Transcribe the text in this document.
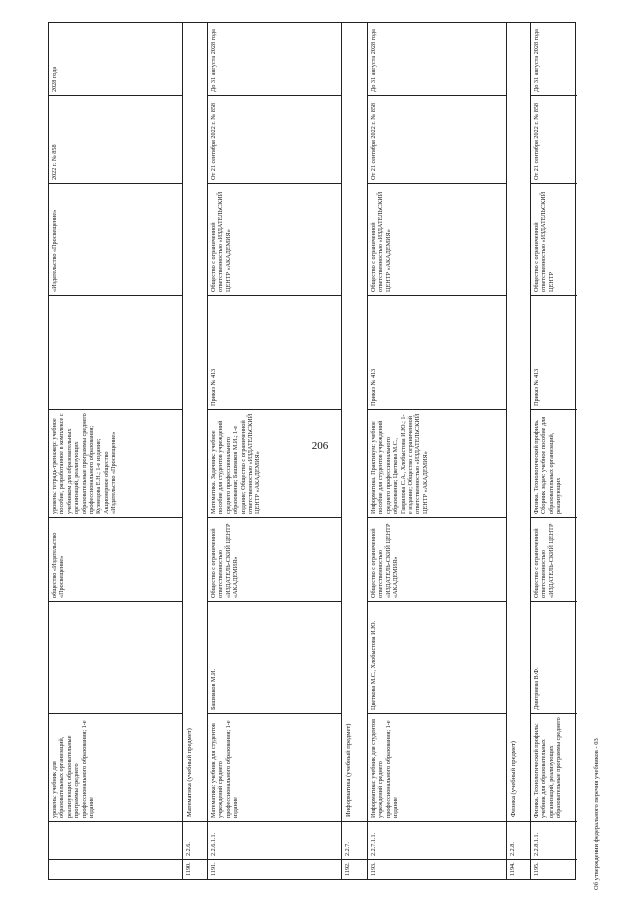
206
уровень: учебник для образовательных организаций, реализующих образовательные программы среднего профессионального образования; 1-е издание
общество «Издательство «Просвещение»
уровень: тетрадь-тренажер: учебное пособие, разработанное в комплексе с учебником для образовательных организаций, реализующих образовательные программы среднего профессионального образования; Кузнецова Е.Н.; 1-е издание; Акционерное общество «Издательство «Просвещение»
«Издательство «Просвещение»
2022 г. № 858
2028 года
1190.
2.2.6.
Математика (учебный предмет)
1191.
2.2.6.1.1.
Математика: учебник для студентов учреждений среднего профессионального образования; 1-е издание
Башмаков М.И.
Общество с ограниченной ответственностью «ИЗДАТЕЛЬ-СКИЙ ЦЕНТР «АКАДЕМИЯ»
Математика. Задачник: учебное пособие для студентов учреждений среднего профессионального образования; Башмаков М.И.; 1-е издание; Общество с ограниченной ответственностью «ИЗДАТЕЛЬСКИЙ ЦЕНТР «АКАДЕМИЯ»
Приказ № 413
Общество с ограниченной ответственностью «ИЗДАТЕЛЬСКИЙ ЦЕНТР «АКАДЕМИЯ»
От 21 сентября 2022 г. № 858
До 31 августа 2028 года
1192.
2.2.7.
Информатика (учебный предмет)
1193.
2.2.7.1.1.
Информатика: учебник для студентов учреждений среднего профессионального образования; 1-е издание
Цветкова М.С., Хлобыстова И.Ю.
Общество с ограниченной ответственностью «ИЗДАТЕЛЬ-СКИЙ ЦЕНТР «АКАДЕМИЯ»
Информатика. Практикум: учебное пособие для студентов учреждений среднего профессионального образования; Цветкова М.С., Гаврилова С.А., Хлобыстова И.Ю.; 1-е издание; Общество с ограниченной ответственностью «ИЗДАТЕЛЬСКИЙ ЦЕНТР «АКАДЕМИЯ»
Приказ № 413
Общество с ограниченной ответственностью «ИЗДАТЕЛЬСКИЙ ЦЕНТР «АКАДЕМИЯ»
От 21 сентября 2022 г. № 858
До 31 августа 2028 года
1194.
2.2.8.
Физика (учебный предмет)
1195.
2.2.8.1.1.
Физика. Технологический профиль: учебник для образовательных организаций, реализующих образовательные программы среднего
Дмитриева В.Ф.
Общество с ограниченной ответственностью «ИЗДАТЕЛЬ-СКИЙ ЦЕНТР
Физика. Технологический профиль. Сборник задач: учебное пособие для образовательных организаций, реализующих
Приказ № 413
Общество с ограниченной ответственностью «ИЗДАТЕЛЬСКИЙ ЦЕНТР
От 21 сентября 2022 г. № 858
До 31 августа 2028 года
Об утверждении федерального перечня учебников - 03
